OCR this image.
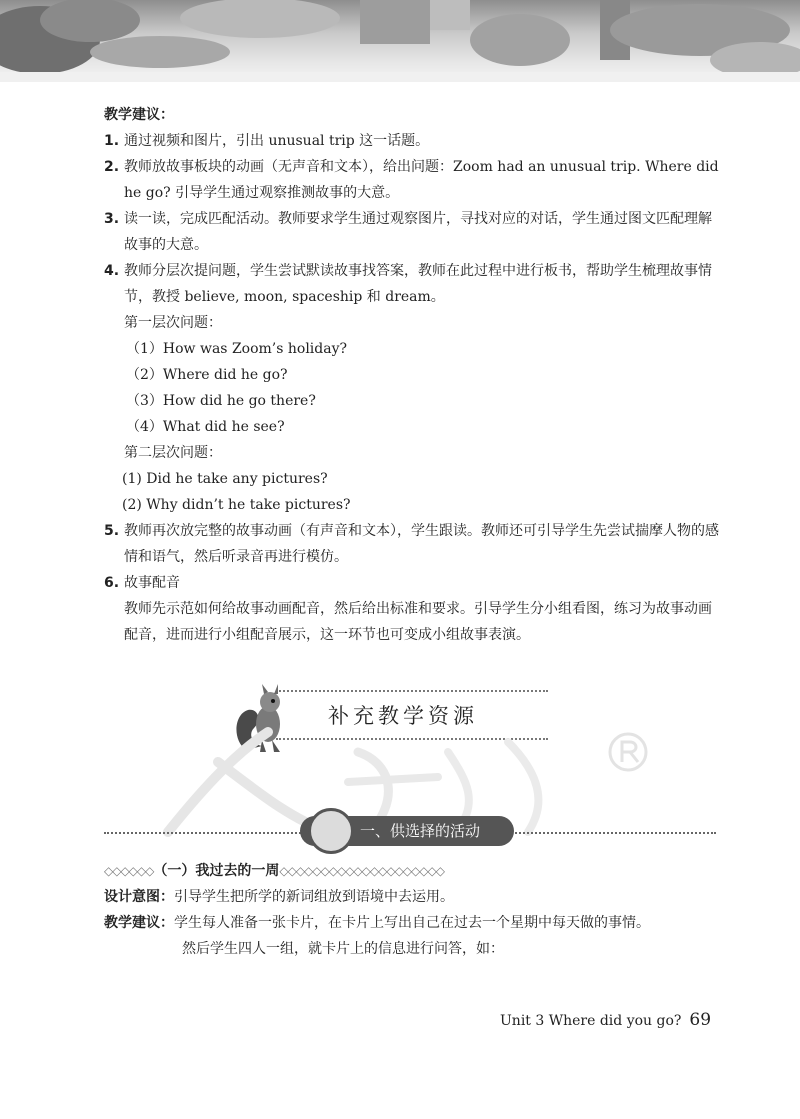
教学建议：
1. 通过视频和图片，引出 unusual trip 这一话题。
2. 教师放故事板块的动画（无声音和文本），给出问题：Zoom had an unusual trip. Where did he go? 引导学生通过观察推测故事的大意。
3. 读一读，完成匹配活动。教师要求学生通过观察图片，寻找对应的对话，学生通过图文匹配理解故事的大意。
4. 教师分层次提问题，学生尝试默读故事找答案，教师在此过程中进行板书，帮助学生梳理故事情节，教授 believe, moon, spaceship 和 dream。
第一层次问题：
（1）How was Zoom’s holiday?
（2）Where did he go?
（3）How did he go there?
（4）What did he see?
第二层次问题：
(1) Did he take any pictures?
(2) Why didn’t he take pictures?
5. 教师再次放完整的故事动画（有声音和文本），学生跟读。教师还可引导学生先尝试揣摩人物的感情和语气，然后听录音再进行模仿。
6. 故事配音
教师先示范如何给故事动画配音，然后给出标准和要求。引导学生分小组看图，练习为故事动画配音，进而进行小组配音展示，这一环节也可变成小组故事表演。
补充教学资源
一、供选择的活动
◇◇◇◇◇◇（一）我过去的一周◇◇◇◇◇◇◇◇◇◇◇◇◇◇◇◇◇◇◇◇
设计意图：引导学生把所学的新词组放到语境中去运用。
教学建议：学生每人准备一张卡片，在卡片上写出自己在过去一个星期中每天做的事情。
然后学生四人一组，就卡片上的信息进行问答，如：
Unit 3 Where did you go? 69
